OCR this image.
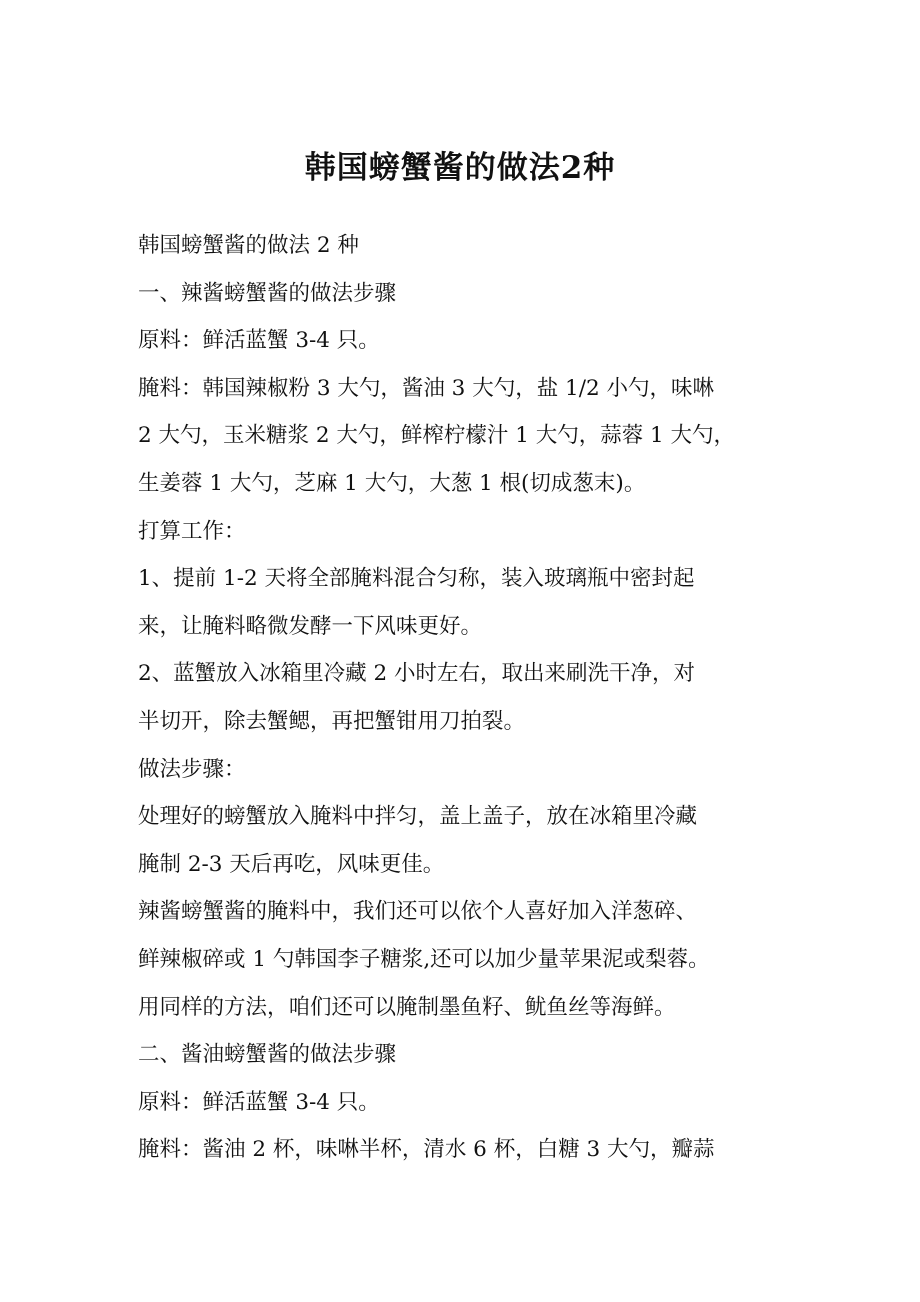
韩国螃蟹酱的做法2种
韩国螃蟹酱的做法 2 种
一、辣酱螃蟹酱的做法步骤
原料：鲜活蓝蟹 3-4 只。
腌料：韩国辣椒粉 3 大勺，酱油 3 大勺，盐 1/2 小勺，味啉
2 大勺，玉米糖浆 2 大勺，鲜榨柠檬汁 1 大勺，蒜蓉 1 大勺，
生姜蓉 1 大勺，芝麻 1 大勺，大葱 1 根(切成葱末)。
打算工作：
1、提前 1-2 天将全部腌料混合匀称，装入玻璃瓶中密封起
来，让腌料略微发酵一下风味更好。
2、蓝蟹放入冰箱里冷藏 2 小时左右，取出来刷洗干净，对
半切开，除去蟹鳃，再把蟹钳用刀拍裂。
做法步骤：
处理好的螃蟹放入腌料中拌匀，盖上盖子，放在冰箱里冷藏
腌制 2-3 天后再吃，风味更佳。
辣酱螃蟹酱的腌料中，我们还可以依个人喜好加入洋葱碎、
鲜辣椒碎或 1 勺韩国李子糖浆,还可以加少量苹果泥或梨蓉。
用同样的方法，咱们还可以腌制墨鱼籽、鱿鱼丝等海鲜。
二、酱油螃蟹酱的做法步骤
原料：鲜活蓝蟹 3-4 只。
腌料：酱油 2 杯，味啉半杯，清水 6 杯，白糖 3 大勺，瓣蒜
